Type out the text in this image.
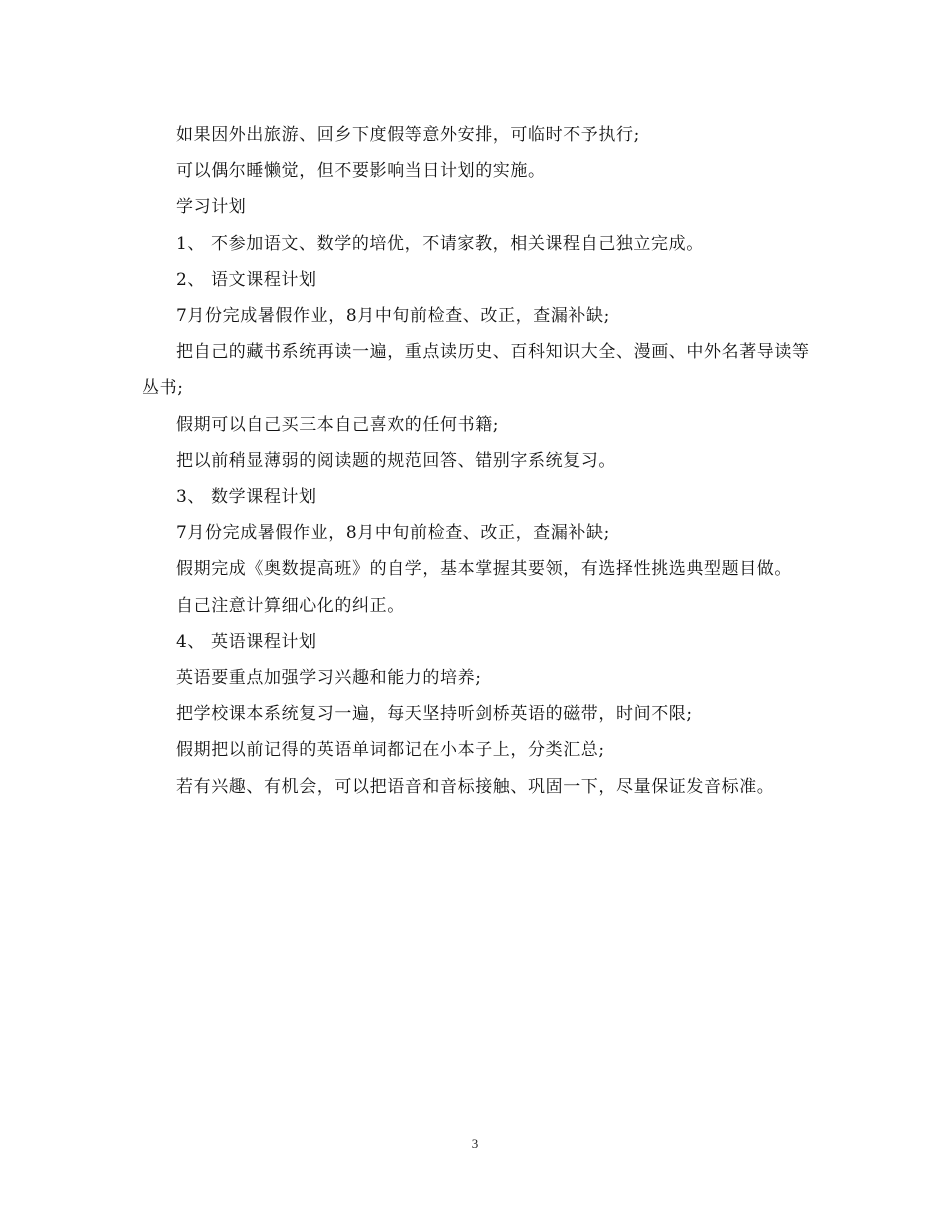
如果因外出旅游、回乡下度假等意外安排，可临时不予执行;

可以偶尔睡懒觉，但不要影响当日计划的实施。

学习计划

1、 不参加语文、数学的培优，不请家教，相关课程自己独立完成。

2、 语文课程计划

7月份完成暑假作业，8月中旬前检查、改正，查漏补缺;

把自己的藏书系统再读一遍，重点读历史、百科知识大全、漫画、中外名著导读等丛书;

假期可以自己买三本自己喜欢的任何书籍;

把以前稍显薄弱的阅读题的规范回答、错别字系统复习。

3、 数学课程计划

7月份完成暑假作业，8月中旬前检查、改正，查漏补缺;

假期完成《奥数提高班》的自学，基本掌握其要领，有选择性挑选典型题目做。

自己注意计算细心化的纠正。

4、 英语课程计划

英语要重点加强学习兴趣和能力的培养;

把学校课本系统复习一遍，每天坚持听剑桥英语的磁带，时间不限;

假期把以前记得的英语单词都记在小本子上，分类汇总;

若有兴趣、有机会，可以把语音和音标接触、巩固一下，尽量保证发音标准。

3
